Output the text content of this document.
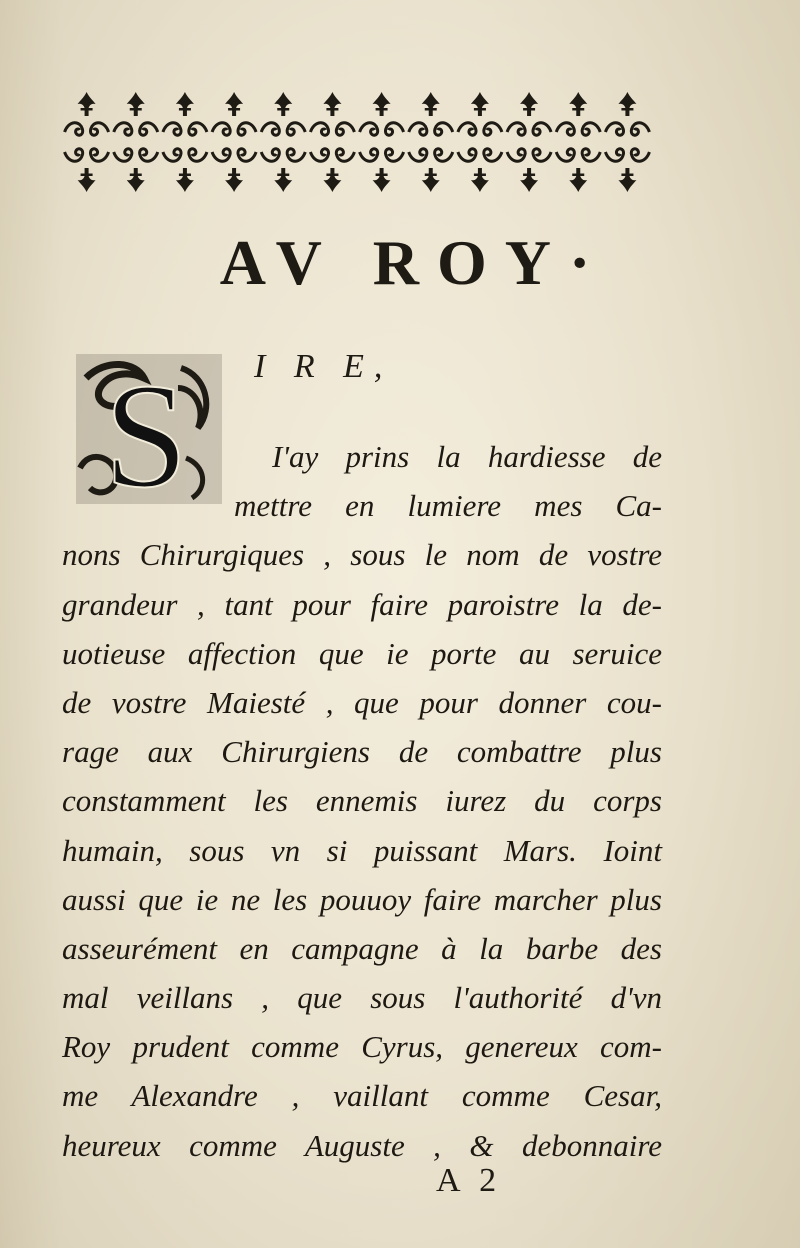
AV ROY·
S I R E,
I'ay prins la hardiesse de
mettre en lumiere mes Ca-
nons Chirurgiques , sous le nom de vostre
grandeur , tant pour faire paroistre la de-
uotieuse affection que ie porte au seruice
de vostre Maiesté , que pour donner cou-
rage aux Chirurgiens de combattre plus
constamment les ennemis iurez du corps
humain, sous vn si puissant Mars. Ioint
aussi que ie ne les pouuoy faire marcher plus
asseurément en campagne à la barbe des
mal veillans , que sous l'authorité d'vn
Roy prudent comme Cyrus, genereux com-
me Alexandre , vaillant comme Cesar,
heureux comme Auguste , & debonnaire
A 2
